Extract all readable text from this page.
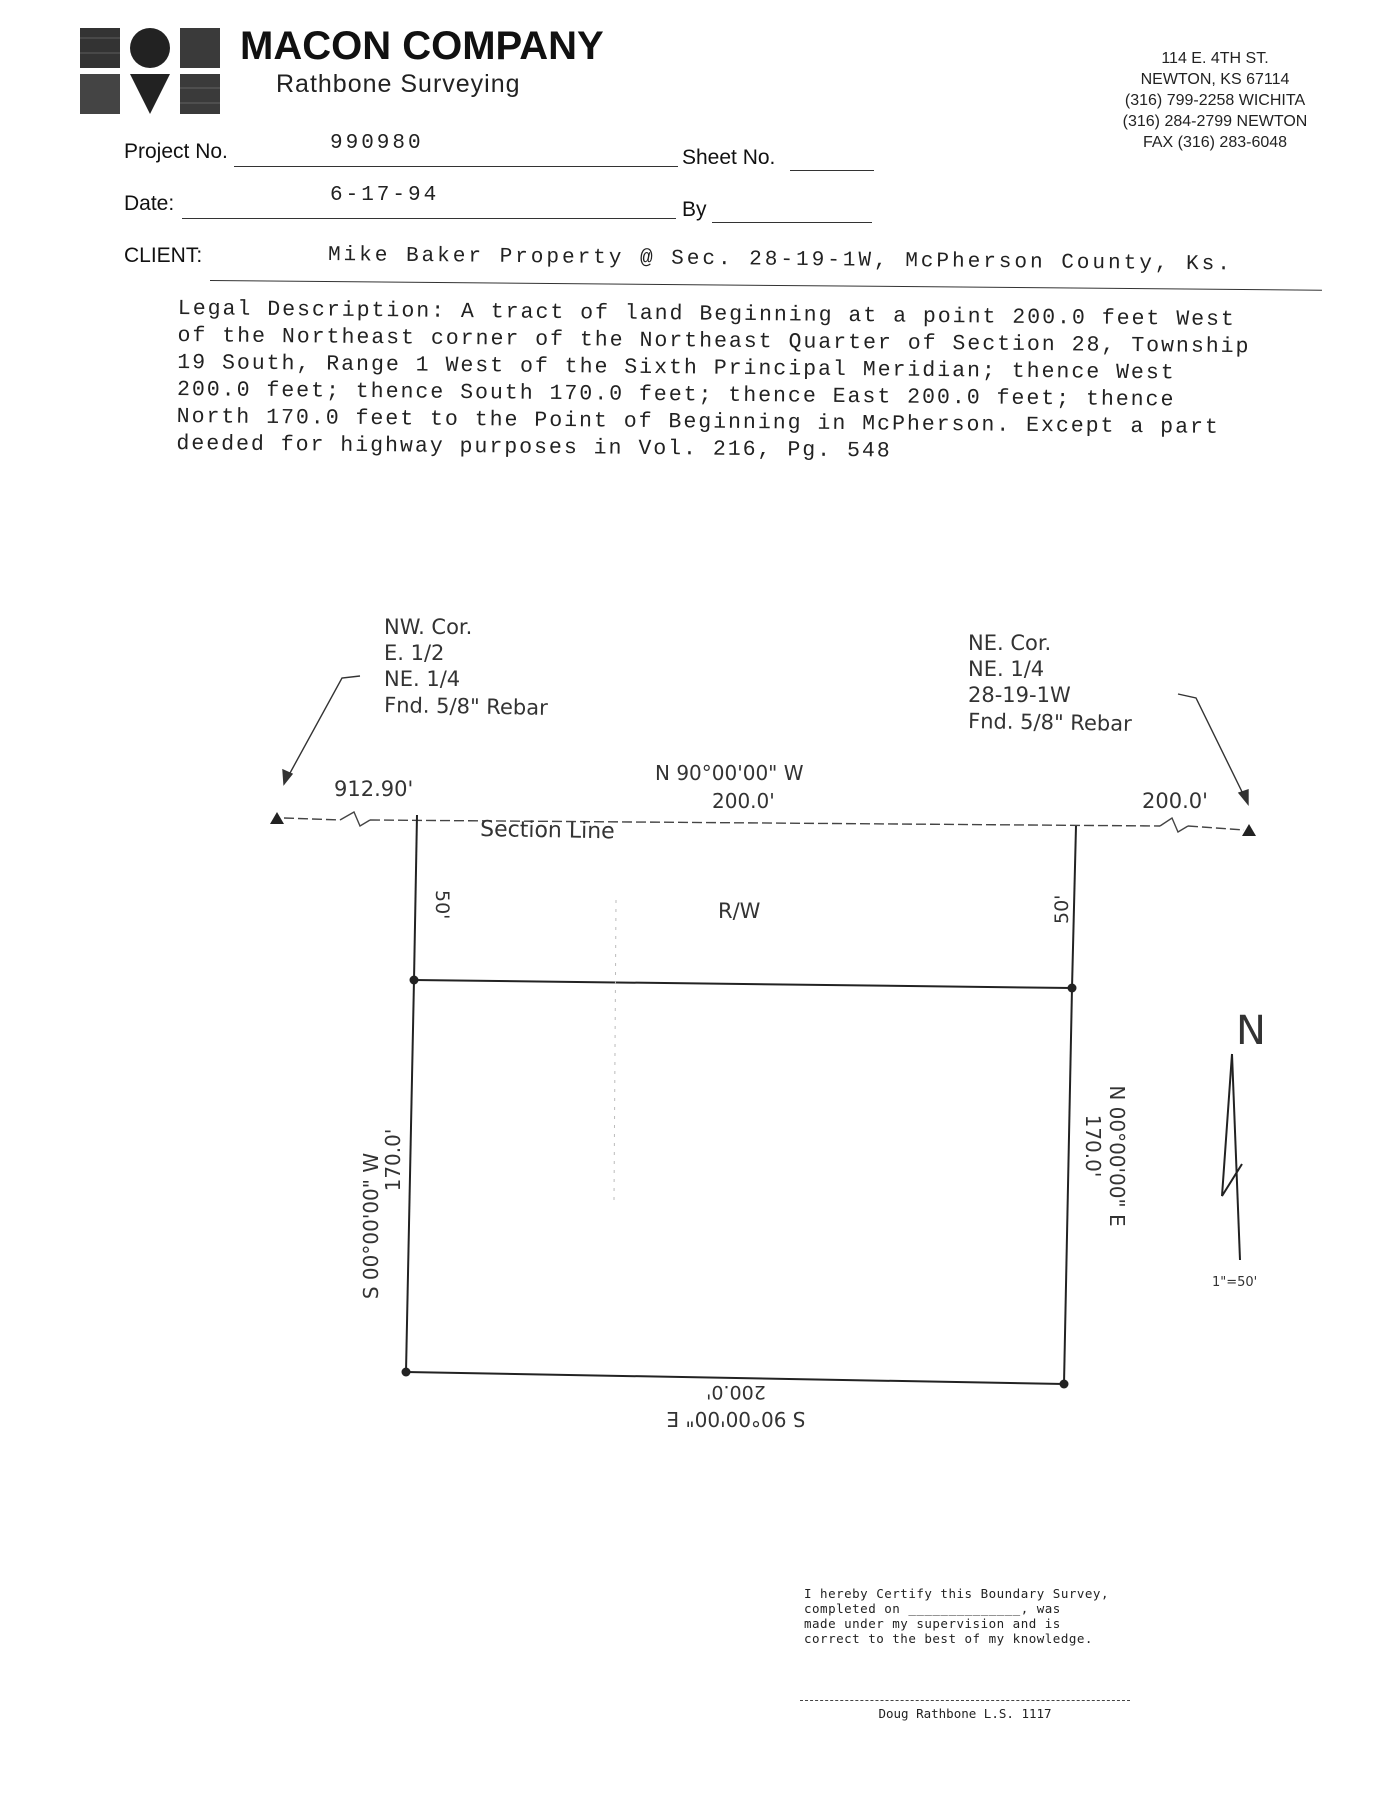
MACON COMPANY
Rathbone Surveying
114 E. 4TH ST.
NEWTON, KS 67114
(316) 799-2258 WICHITA
(316) 284-2799 NEWTON
FAX (316) 283-6048
Project No.	990980
Sheet No.
Date:	6-17-94
By
CLIENT:	Mike Baker Property @ Sec. 28-19-1W, McPherson County, Ks.
Legal Description: A tract of land Beginning at a point 200.0 feet West
of the Northeast corner of the Northeast Quarter of Section 28, Township
19 South, Range 1 West of the Sixth Principal Meridian; thence West
200.0 feet; thence South 170.0 feet; thence East 200.0 feet; thence
North 170.0 feet to the Point of Beginning in McPherson. Except a part
deeded for highway purposes in Vol. 216, Pg. 548
NW. Cor.
E. 1/2
NE. 1/4
Fnd. 5/8" Rebar
NE. Cor.
NE. 1/4
28-19-1W
Fnd. 5/8" Rebar
912.90'	200.0'
N 90°00'00" W
200.0'
Section Line
R/W
50'	50'
S 00°00'00" W
170.0'	N 00°00'00" E
170.0'
200.0'
S 90°00'00" E
N
1"=50'
I hereby Certify this Boundary Survey,
completed on ______________, was
made under my supervision and is
correct to the best of my knowledge.
Doug Rathbone L.S. 1117
